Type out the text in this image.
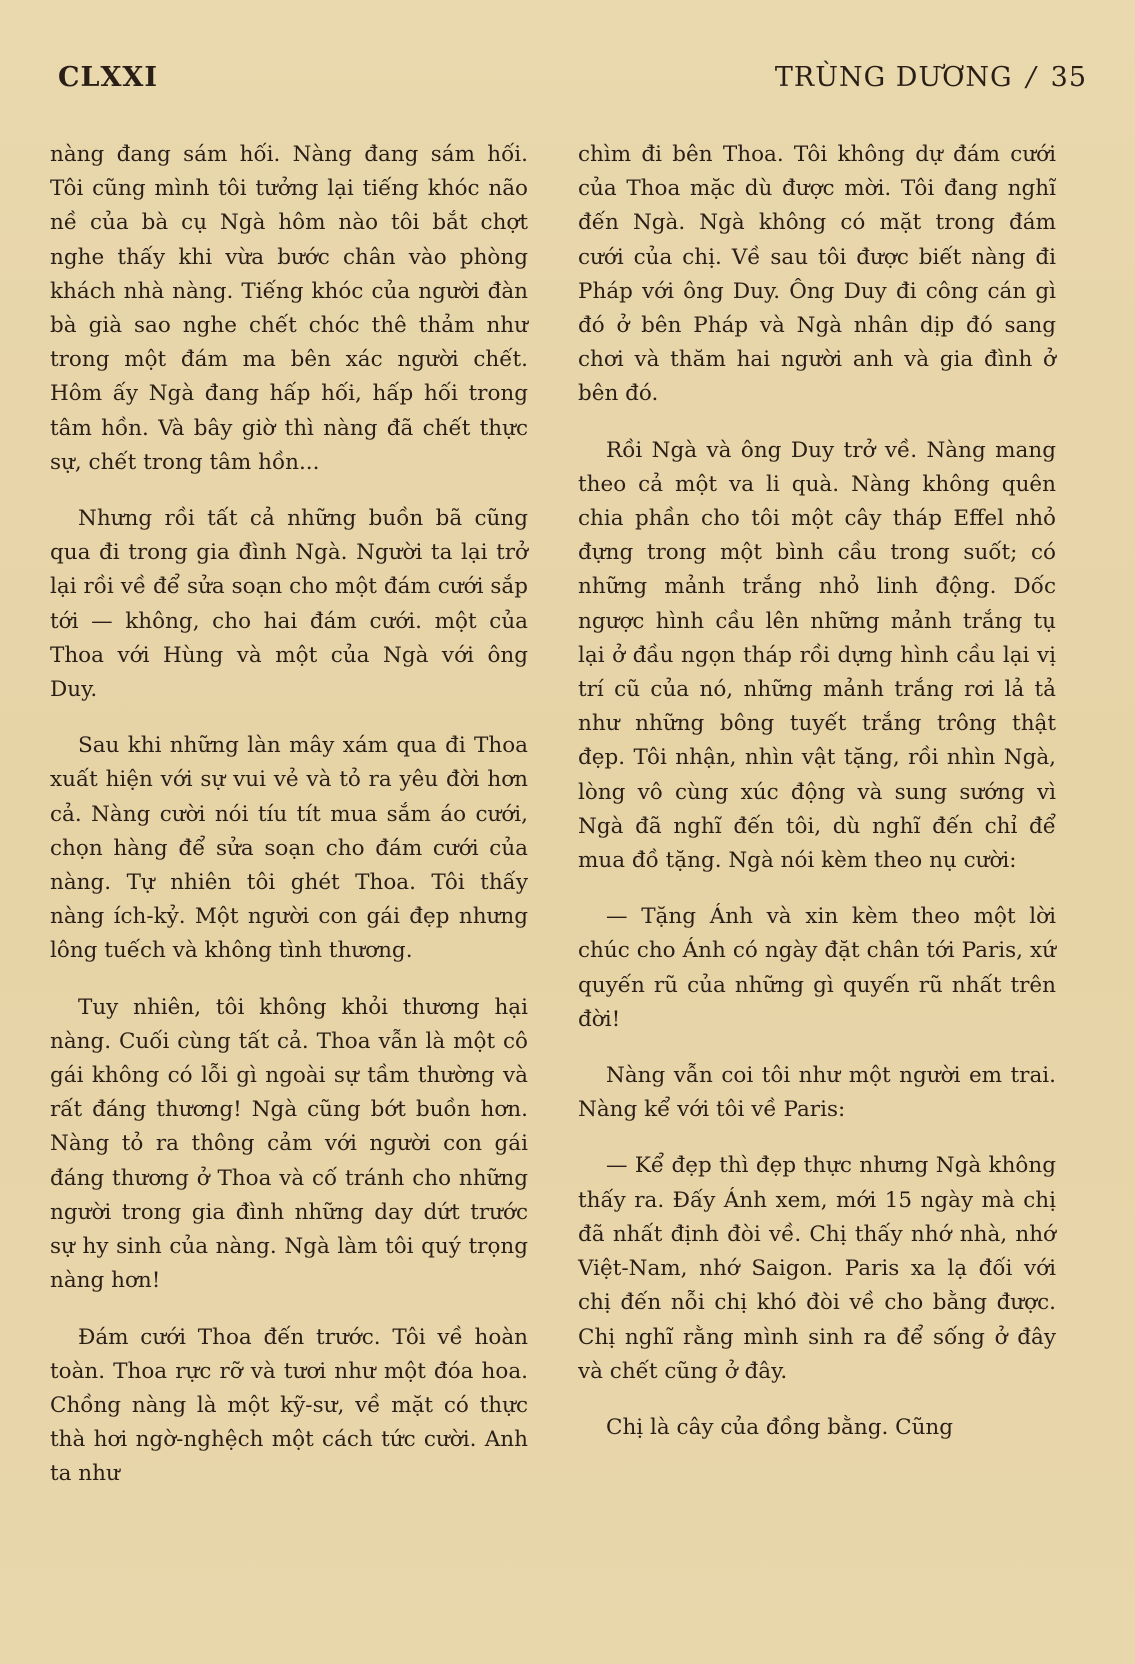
CLXXI	TRÙNG DƯƠNG / 35

nàng đang sám hối. Nàng đang sám hối. Tôi cũng mình tôi tưởng lại tiếng khóc não nề của bà cụ Ngà hôm nào tôi bắt chợt nghe thấy khi vừa bước chân vào phòng khách nhà nàng. Tiếng khóc của người đàn bà già sao nghe chết chóc thê thảm như trong một đám ma bên xác người chết. Hôm ấy Ngà đang hấp hối, hấp hối trong tâm hồn. Và bây giờ thì nàng đã chết thực sự, chết trong tâm hồn...

Nhưng rồi tất cả những buồn bã cũng qua đi trong gia đình Ngà. Người ta lại trở lại rồi về để sửa soạn cho một đám cưới sắp tới — không, cho hai đám cưới. một của Thoa với Hùng và một của Ngà với ông Duy.

Sau khi những làn mây xám qua đi Thoa xuất hiện với sự vui vẻ và tỏ ra yêu đời hơn cả. Nàng cười nói tíu tít mua sắm áo cưới, chọn hàng để sửa soạn cho đám cưới của nàng. Tự nhiên tôi ghét Thoa. Tôi thấy nàng ích-kỷ. Một người con gái đẹp nhưng lông tuếch và không tình thương.

Tuy nhiên, tôi không khỏi thương hại nàng. Cuối cùng tất cả. Thoa vẫn là một cô gái không có lỗi gì ngoài sự tầm thường và rất đáng thương! Ngà cũng bớt buồn hơn. Nàng tỏ ra thông cảm với người con gái đáng thương ở Thoa và cố tránh cho những người trong gia đình những day dứt trước sự hy sinh của nàng. Ngà làm tôi quý trọng nàng hơn!

Đám cưới Thoa đến trước. Tôi về hoàn toàn. Thoa rực rỡ và tươi như một đóa hoa. Chồng nàng là một kỹ-sư, về mặt có thực thà hơi ngờ-nghệch một cách tức cười. Anh ta như

chìm đi bên Thoa. Tôi không dự đám cưới của Thoa mặc dù được mời. Tôi đang nghĩ đến Ngà. Ngà không có mặt trong đám cưới của chị. Về sau tôi được biết nàng đi Pháp với ông Duy. Ông Duy đi công cán gì đó ở bên Pháp và Ngà nhân dịp đó sang chơi và thăm hai người anh và gia đình ở bên đó.

Rồi Ngà và ông Duy trở về. Nàng mang theo cả một va li quà. Nàng không quên chia phần cho tôi một cây tháp Effel nhỏ đựng trong một bình cầu trong suốt; có những mảnh trắng nhỏ linh động. Dốc ngược hình cầu lên những mảnh trắng tụ lại ở đầu ngọn tháp rồi dựng hình cầu lại vị trí cũ của nó, những mảnh trắng rơi lả tả như những bông tuyết trắng trông thật đẹp. Tôi nhận, nhìn vật tặng, rồi nhìn Ngà, lòng vô cùng xúc động và sung sướng vì Ngà đã nghĩ đến tôi, dù nghĩ đến chỉ để mua đồ tặng. Ngà nói kèm theo nụ cười:

— Tặng Ánh và xin kèm theo một lời chúc cho Ánh có ngày đặt chân tới Paris, xứ quyến rũ của những gì quyến rũ nhất trên đời!

Nàng vẫn coi tôi như một người em trai. Nàng kể với tôi về Paris:

— Kể đẹp thì đẹp thực nhưng Ngà không thấy ra. Đấy Ánh xem, mới 15 ngày mà chị đã nhất định đòi về. Chị thấy nhớ nhà, nhớ Việt-Nam, nhớ Saigon. Paris xa lạ đối với chị đến nỗi chị khó đòi về cho bằng được. Chị nghĩ rằng mình sinh ra để sống ở đây và chết cũng ở đây.

Chị là cây của đồng bằng. Cũng
